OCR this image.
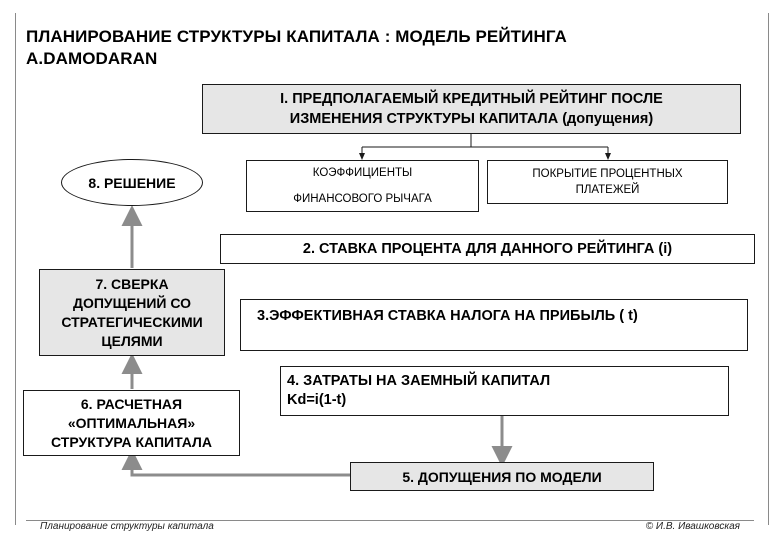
ПЛАНИРОВАНИЕ СТРУКТУРЫ КАПИТАЛА : МОДЕЛЬ РЕЙТИНГА
A.DAMODARAN
I. ПРЕДПОЛАГАЕМЫЙ КРЕДИТНЫЙ РЕЙТИНГ ПОСЛЕ
ИЗМЕНЕНИЯ СТРУКТУРЫ КАПИТАЛА (допущения)
КОЭФФИЦИЕНТЫ
ФИНАНСОВОГО РЫЧАГА
ПОКРЫТИЕ ПРОЦЕНТНЫХ
ПЛАТЕЖЕЙ
8. РЕШЕНИЕ
2. СТАВКА ПРОЦЕНТА ДЛЯ ДАННОГО РЕЙТИНГА (i)
7. СВЕРКА
ДОПУЩЕНИЙ СО
СТРАТЕГИЧЕСКИМИ
ЦЕЛЯМИ
3.ЭФФЕКТИВНАЯ СТАВКА НАЛОГА НА ПРИБЫЛЬ ( t)
4. ЗАТРАТЫ НА ЗАЕМНЫЙ КАПИТАЛ
Kd=i(1-t)
6. РАСЧЕТНАЯ
«ОПТИМАЛЬНАЯ»
СТРУКТУРА КАПИТАЛА
5. ДОПУЩЕНИЯ ПО МОДЕЛИ
Планирование структуры капитала	© И.В. Ивашковская
